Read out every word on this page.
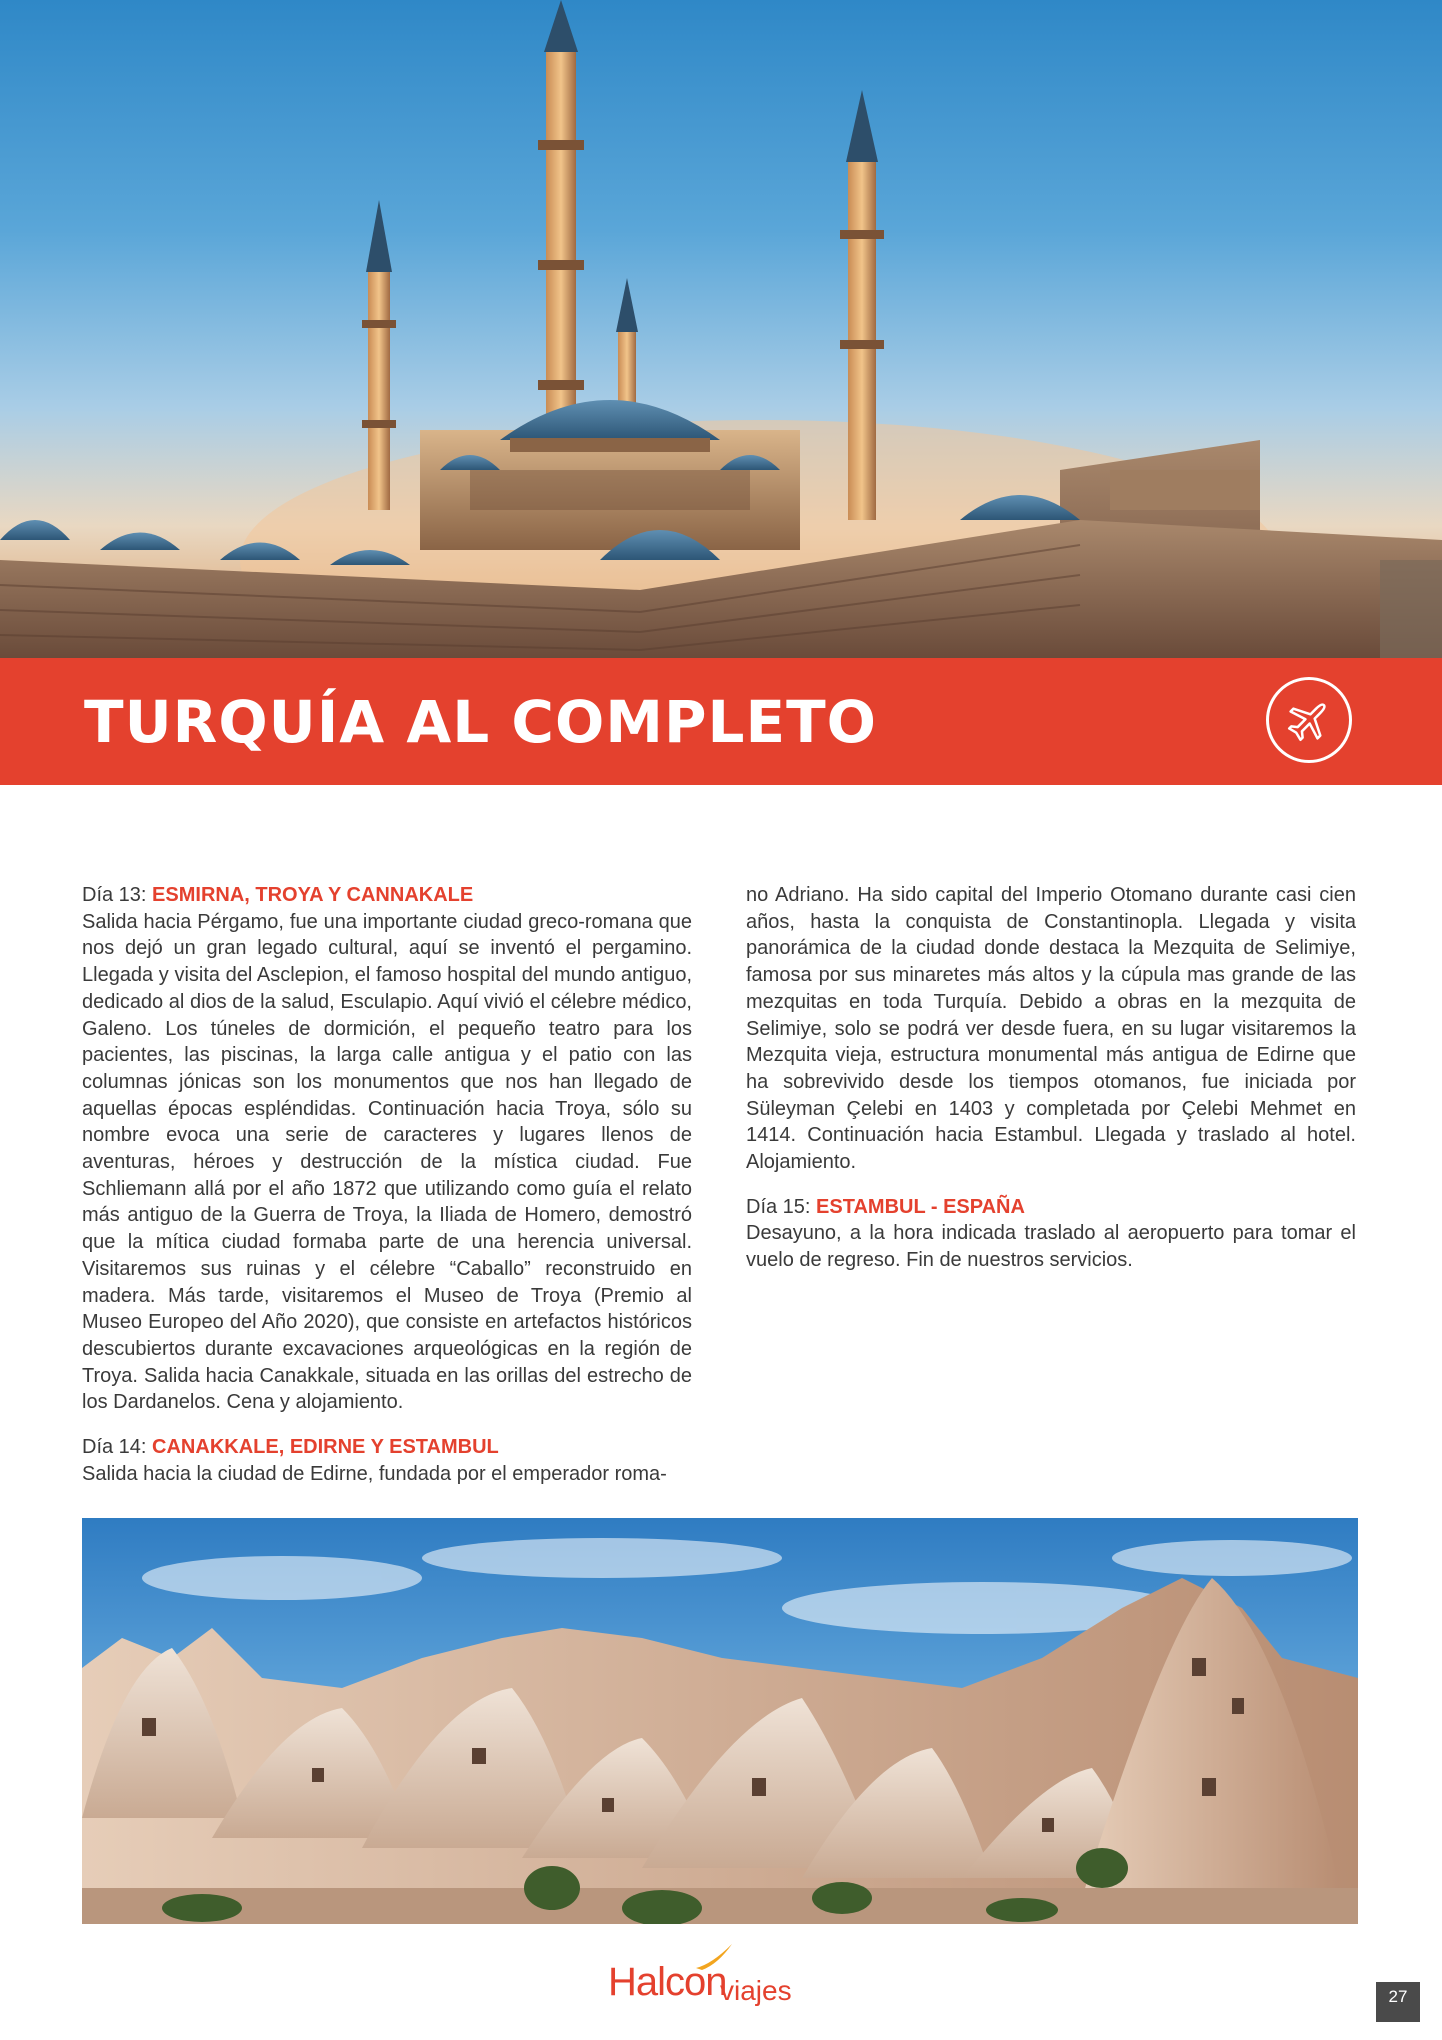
TURQUÍA AL COMPLETO

Día 13: ESMIRNA, TROYA Y CANNAKALE

Salida hacia Pérgamo, fue una importante ciudad greco-romana que nos dejó un gran legado cultural, aquí se inventó el pergamino. Llegada y visita del Asclepion, el famoso hospital del mundo antiguo, dedicado al dios de la salud, Esculapio. Aquí vivió el célebre médico, Galeno. Los túneles de dormición, el pequeño teatro para los pacientes, las piscinas, la larga calle antigua y el patio con las columnas jónicas son los monumentos que nos han llegado de aquellas épocas espléndidas. Continuación hacia Troya, sólo su nombre evoca una serie de caracteres y lugares llenos de aventuras, héroes y destrucción de la mística ciudad. Fue Schliemann allá por el año 1872 que utilizando como guía el relato más antiguo de la Guerra de Troya, la Iliada de Homero, demostró que la mítica ciudad formaba parte de una herencia universal. Visitaremos sus ruinas y el célebre “Caballo” reconstruido en madera. Más tarde, visitaremos el Museo de Troya (Premio al Museo Europeo del Año 2020), que consiste en artefactos históricos descubiertos durante excavaciones arqueológicas en la región de Troya. Salida hacia Canakkale, situada en las orillas del estrecho de los Dardanelos. Cena y alojamiento.

Día 14: CANAKKALE, EDIRNE Y ESTAMBUL

Salida hacia la ciudad de Edirne, fundada por el emperador roma-

no Adriano. Ha sido capital del Imperio Otomano durante casi cien años, hasta la conquista de Constantinopla. Llegada y visita panorámica de la ciudad donde destaca la Mezquita de Selimiye, famosa por sus minaretes más altos y la cúpula mas grande de las mezquitas en toda Turquía. Debido a obras en la mezquita de Selimiye, solo se podrá ver desde fuera, en su lugar visitaremos la Mezquita vieja, estructura monumental más antigua de Edirne que ha sobrevivido desde los tiempos otomanos, fue iniciada por Süleyman Çelebi en 1403 y completada por Çelebi Mehmet en 1414. Continuación hacia Estambul. Llegada y traslado al hotel. Alojamiento.

Día 15: ESTAMBUL - ESPAÑA

Desayuno, a la hora indicada traslado al aeropuerto para tomar el vuelo de regreso. Fin de nuestros servicios.

Halcon
viajes	27
